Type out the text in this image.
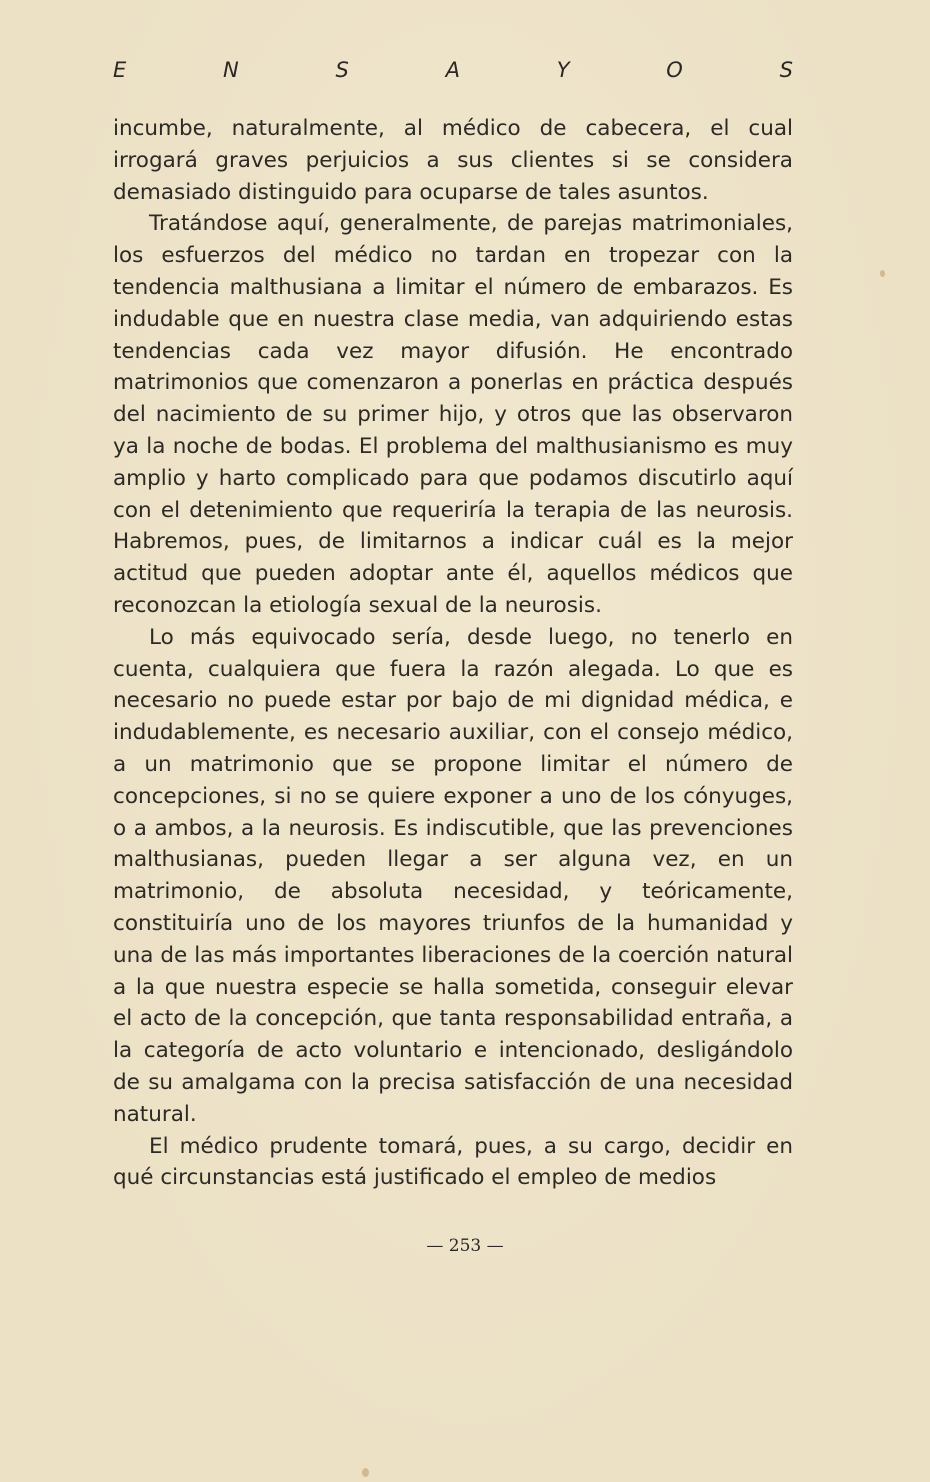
E	N	S	A	Y	O	S

incumbe, naturalmente, al médico de cabecera, el cual irrogará graves perjuicios a sus clientes si se considera demasiado distinguido para ocuparse de tales asuntos.

Tratándose aquí, generalmente, de parejas matrimoniales, los esfuerzos del médico no tardan en tropezar con la tendencia malthusiana a limitar el número de embarazos. Es indudable que en nuestra clase media, van adquiriendo estas tendencias cada vez mayor difusión. He encontrado matrimonios que comenzaron a ponerlas en práctica después del nacimiento de su primer hijo, y otros que las observaron ya la noche de bodas. El problema del malthusianismo es muy amplio y harto complicado para que podamos discutirlo aquí con el detenimiento que requeriría la terapia de las neurosis. Habremos, pues, de limitarnos a indicar cuál es la mejor actitud que pueden adoptar ante él, aquellos médicos que reconozcan la etiología sexual de la neurosis.

Lo más equivocado sería, desde luego, no tenerlo en cuenta, cualquiera que fuera la razón alegada. Lo que es necesario no puede estar por bajo de mi dignidad médica, e indudablemente, es necesario auxiliar, con el consejo médico, a un matrimonio que se propone limitar el número de concepciones, si no se quiere exponer a uno de los cónyuges, o a ambos, a la neurosis. Es indiscutible, que las prevenciones malthusianas, pueden llegar a ser alguna vez, en un matrimonio, de absoluta necesidad, y teóricamente, constituiría uno de los mayores triunfos de la humanidad y una de las más importantes liberaciones de la coerción natural a la que nuestra especie se halla sometida, conseguir elevar el acto de la concepción, que tanta responsabilidad entraña, a la categoría de acto voluntario e intencionado, desligándolo de su amalgama con la precisa satisfacción de una necesidad natural.

El médico prudente tomará, pues, a su cargo, decidir en qué circunstancias está justificado el empleo de medios

— 253 —
